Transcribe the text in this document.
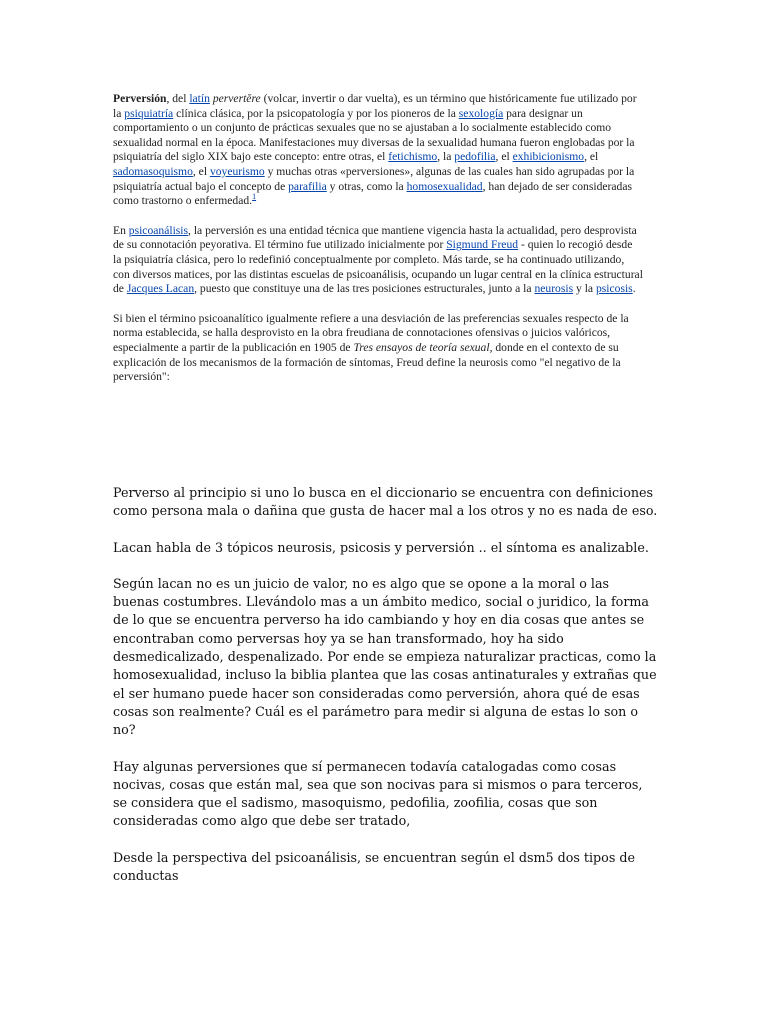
Perversión, del latín pervertĕre (volcar, invertir o dar vuelta), es un término que históricamente fue utilizado por la psiquiatría clínica clásica, por la psicopatología y por los pioneros de la sexología para designar un comportamiento o un conjunto de prácticas sexuales que no se ajustaban a lo socialmente establecido como sexualidad normal en la época. Manifestaciones muy diversas de la sexualidad humana fueron englobadas por la psiquiatría del siglo XIX bajo este concepto: entre otras, el fetichismo, la pedofilia, el exhibicionismo, el sadomasoquismo, el voyeurismo y muchas otras «perversiones», algunas de las cuales han sido agrupadas por la psiquiatría actual bajo el concepto de parafilia y otras, como la homosexualidad, han dejado de ser consideradas como trastorno o enfermedad.$^1$

En psicoanálisis, la perversión es una entidad técnica que mantiene vigencia hasta la actualidad, pero desprovista de su connotación peyorativa. El término fue utilizado inicialmente por Sigmund Freud - quien lo recogió desde la psiquiatría clásica, pero lo redefinió conceptualmente por completo. Más tarde, se ha continuado utilizando, con diversos matices, por las distintas escuelas de psicoanálisis, ocupando un lugar central en la clínica estructural de Jacques Lacan, puesto que constituye una de las tres posiciones estructurales, junto a la neurosis y la psicosis.

Si bien el término psicoanalítico igualmente refiere a una desviación de las preferencias sexuales respecto de la norma establecida, se halla desprovisto en la obra freudiana de connotaciones ofensivas o juicios valóricos, especialmente a partir de la publicación en 1905 de Tres ensayos de teoría sexual, donde en el contexto de su explicación de los mecanismos de la formación de síntomas, Freud define la neurosis como "el negativo de la perversión":

Perverso al principio si uno lo busca en el diccionario se encuentra con definiciones como persona mala o dañina que gusta de hacer mal a los otros y no es nada de eso.

Lacan habla de 3 tópicos neurosis, psicosis y perversión .. el síntoma es analizable.

Según lacan no es un juicio de valor, no es algo que se opone a la moral o las buenas costumbres. Llevándolo mas a un ámbito medico, social o juridico, la forma de lo que se encuentra perverso ha ido cambiando y hoy en dia cosas que antes se encontraban como perversas hoy ya se han transformado, hoy ha sido desmedicalizado, despenalizado. Por ende se empieza naturalizar practicas, como la homosexualidad, incluso la biblia plantea que las cosas antinaturales y extrañas que el ser humano puede hacer son consideradas como perversión, ahora qué de esas cosas son realmente? Cuál es el parámetro para medir si alguna de estas lo son o no?

Hay algunas perversiones que sí permanecen todavía catalogadas como cosas nocivas, cosas que están mal, sea que son nocivas para si mismos o para terceros, se considera que el sadismo, masoquismo, pedofilia, zoofilia, cosas que son consideradas como algo que debe ser tratado,

Desde la perspectiva del psicoanálisis, se encuentran según el dsm5 dos tipos de conductas
